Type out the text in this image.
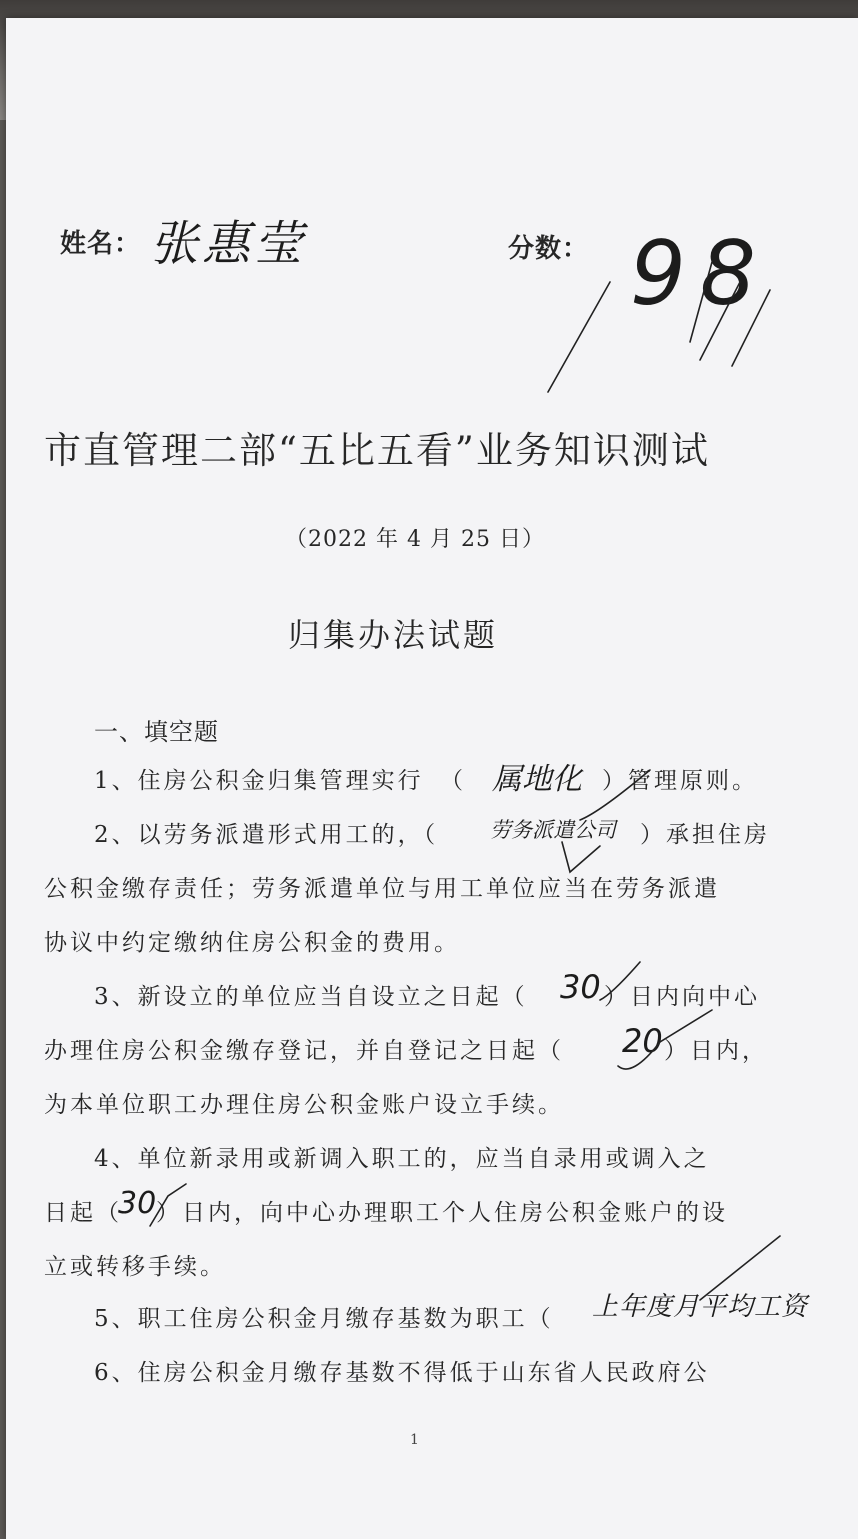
姓名： 张惠莹	分数： 98
市直管理二部“五比五看”业务知识测试
（2022 年 4 月 25 日）
归集办法试题
一、填空题
1、住房公积金归集管理实行 （ 属地化 ）管理原则。
2、以劳务派遣形式用工的，（ 劳务派遣公司 ）承担住房
公积金缴存责任；劳务派遣单位与用工单位应当在劳务派遣
协议中约定缴纳住房公积金的费用。
3、新设立的单位应当自设立之日起（ 30 ）日内向中心
办理住房公积金缴存登记，并自登记之日起（ 20 ）日内，
为本单位职工办理住房公积金账户设立手续。
4、单位新录用或新调入职工的，应当自录用或调入之
日起（
30 ）日内，向中心办理职工个人住房公积金账户的设
立或转移手续。
5、职工住房公积金月缴存基数为职工（ 上年度月平均工资
6、住房公积金月缴存基数不得低于山东省人民政府公
1
